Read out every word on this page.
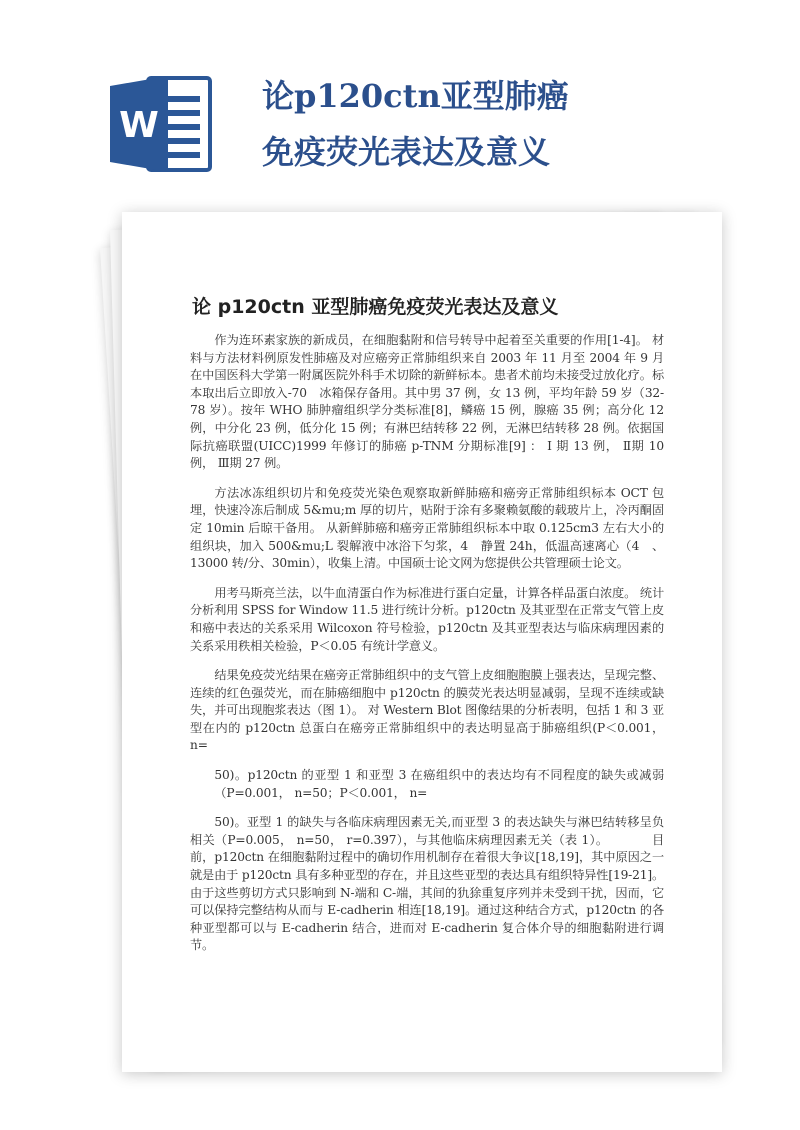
W
论p120ctn亚型肺癌免疫荧光表达及意义
论 p120ctn 亚型肺癌免疫荧光表达及意义

作为连环素家族的新成员，在细胞黏附和信号转导中起着至关重要的作用[1-4]。 材料与方法材料例原发性肺癌及对应癌旁正常肺组织来自 2003 年 11 月至 2004 年 9 月在中国医科大学第一附属医院外科手术切除的新鲜标本。患者术前均未接受过放化疗。标本取出后立即放入-70　冰箱保存备用。其中男 37 例，女 13 例，平均年龄 59 岁（32-78 岁）。按年 WHO 肺肿瘤组织学分类标准[8]，鳞癌 15 例，腺癌 35 例；高分化 12 例，中分化 23 例，低分化 15 例；有淋巴结转移 22 例，无淋巴结转移 28 例。依据国际抗癌联盟(UICC)1999 年修订的肺癌 p-TNM 分期标准[9] ： I 期 13 例， Ⅱ期 10 例， Ⅲ期 27 例。

方法冰冻组织切片和免疫荧光染色观察取新鲜肺癌和癌旁正常肺组织标本 OCT 包埋，快速冷冻后制成 5&mu;m 厚的切片，贴附于涂有多聚赖氨酸的载玻片上，冷丙酮固定 10min 后晾干备用。 从新鲜肺癌和癌旁正常肺组织标本中取 0.125cm3 左右大小的组织块，加入 500&mu;L 裂解液中冰浴下匀浆，4　静置 24h，低温高速离心（4　、13000 转/分、30min），收集上清。中国硕士论文网为您提供公共管理硕士论文。

用考马斯亮兰法，以牛血清蛋白作为标准进行蛋白定量，计算各样品蛋白浓度。 统计分析利用 SPSS for Window 11.5 进行统计分析。p120ctn 及其亚型在正常支气管上皮和癌中表达的关系采用 Wilcoxon 符号检验，p120ctn 及其亚型表达与临床病理因素的关系采用秩相关检验，P＜0.05 有统计学意义。

结果免疫荧光结果在癌旁正常肺组织中的支气管上皮细胞胞膜上强表达，呈现完整、连续的红色强荧光，而在肺癌细胞中 p120ctn 的膜荧光表达明显减弱，呈现不连续或缺失，并可出现胞浆表达（图 1）。 对 Western Blot 图像结果的分析表明，包括 1 和 3 亚型在内的 p120ctn 总蛋白在癌旁正常肺组织中的表达明显高于肺癌组织(P＜0.001， n=

50)。p120ctn 的亚型 1 和亚型 3 在癌组织中的表达均有不同程度的缺失或减弱（P=0.001， n=50；P＜0.001， n=

50)。亚型 1 的缺失与各临床病理因素无关,而亚型 3 的表达缺失与淋巴结转移呈负相关（P=0.005， n=50， r=0.397），与其他临床病理因素无关（表 1）。　　　　目前，p120ctn 在细胞黏附过程中的确切作用机制存在着很大争议[18,19]，其中原因之一就是由于 p120ctn 具有多种亚型的存在，并且这些亚型的表达具有组织特异性[19-21]。 由于这些剪切方式只影响到 N-端和 C-端，其间的犰狳重复序列并未受到干扰，因而，它可以保持完整结构从而与 E-cadherin 相连[18,19]。通过这种结合方式，p120ctn 的各种亚型都可以与 E-cadherin 结合，进而对 E-cadherin 复合体介导的细胞黏附进行调节。
